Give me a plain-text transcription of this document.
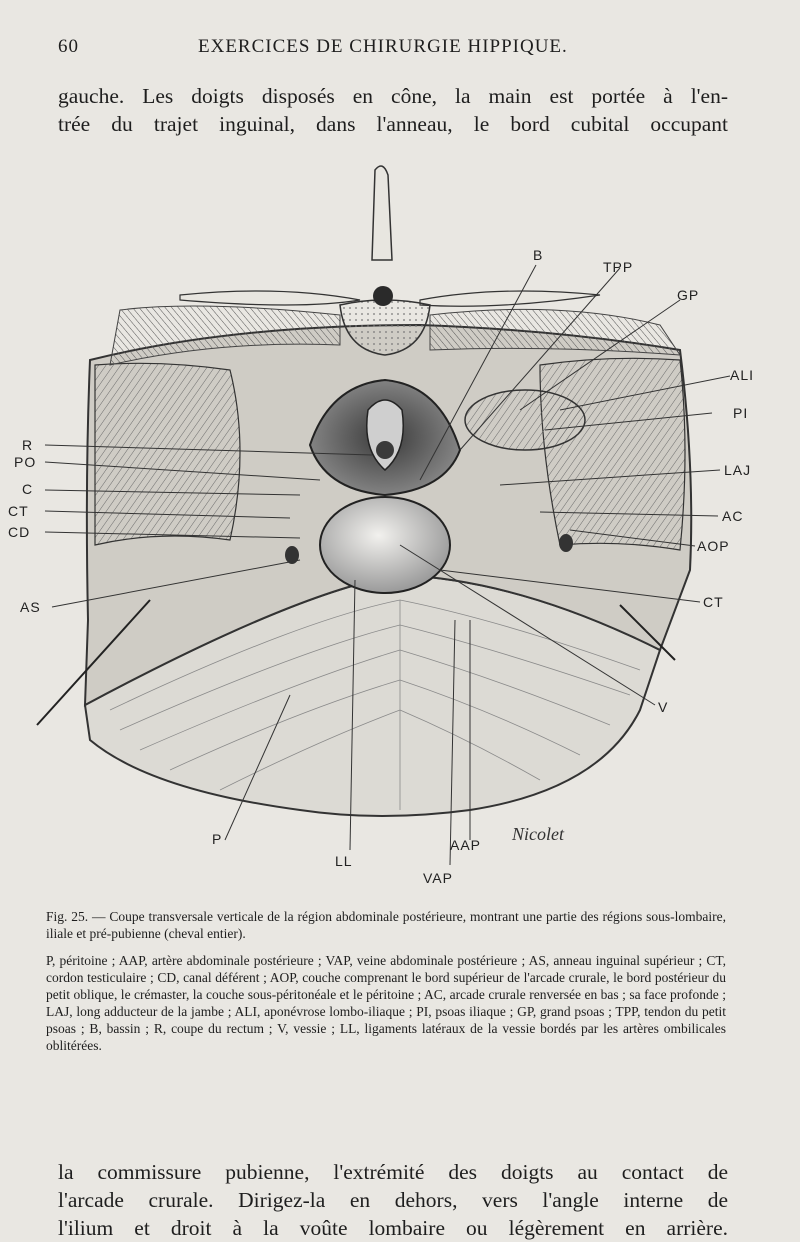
60	EXERCICES DE CHIRURGIE HIPPIQUE.
gauche. Les doigts disposés en cône, la main est portée à l'en-
trée du trajet inguinal, dans l'anneau, le bord cubital occupant
B
TPP
GP
ALI
PI
R
PO
C
CT
CD
LAJ
AC
AOP
AS	CT
V
P
LL
AAP
VAP
Nicolet

Fig. 25. — Coupe transversale verticale de la région abdominale postérieure, montrant une partie des régions sous-lombaire, iliale et pré-pubienne (cheval entier).

P, péritoine ; AAP, artère abdominale postérieure ; VAP, veine abdominale postérieure ; AS, anneau inguinal supérieur ; CT, cordon testiculaire ; CD, canal déférent ; AOP, couche comprenant le bord supérieur de l'arcade crurale, le bord postérieur du petit oblique, le crémaster, la couche sous-péritonéale et le péritoine ; AC, arcade crurale renversée en bas ; sa face profonde ; LAJ, long adducteur de la jambe ; ALI, aponévrose lombo-iliaque ; PI, psoas iliaque ; GP, grand psoas ; TPP, tendon du petit psoas ; B, bassin ; R, coupe du rectum ; V, vessie ; LL, ligaments latéraux de la vessie bordés par les artères ombilicales oblitérées.

la commissure pubienne, l'extrémité des doigts au contact de
l'arcade crurale. Dirigez-la en dehors, vers l'angle interne de
l'ilium et droit à la voûte lombaire ou légèrement en arrière.
